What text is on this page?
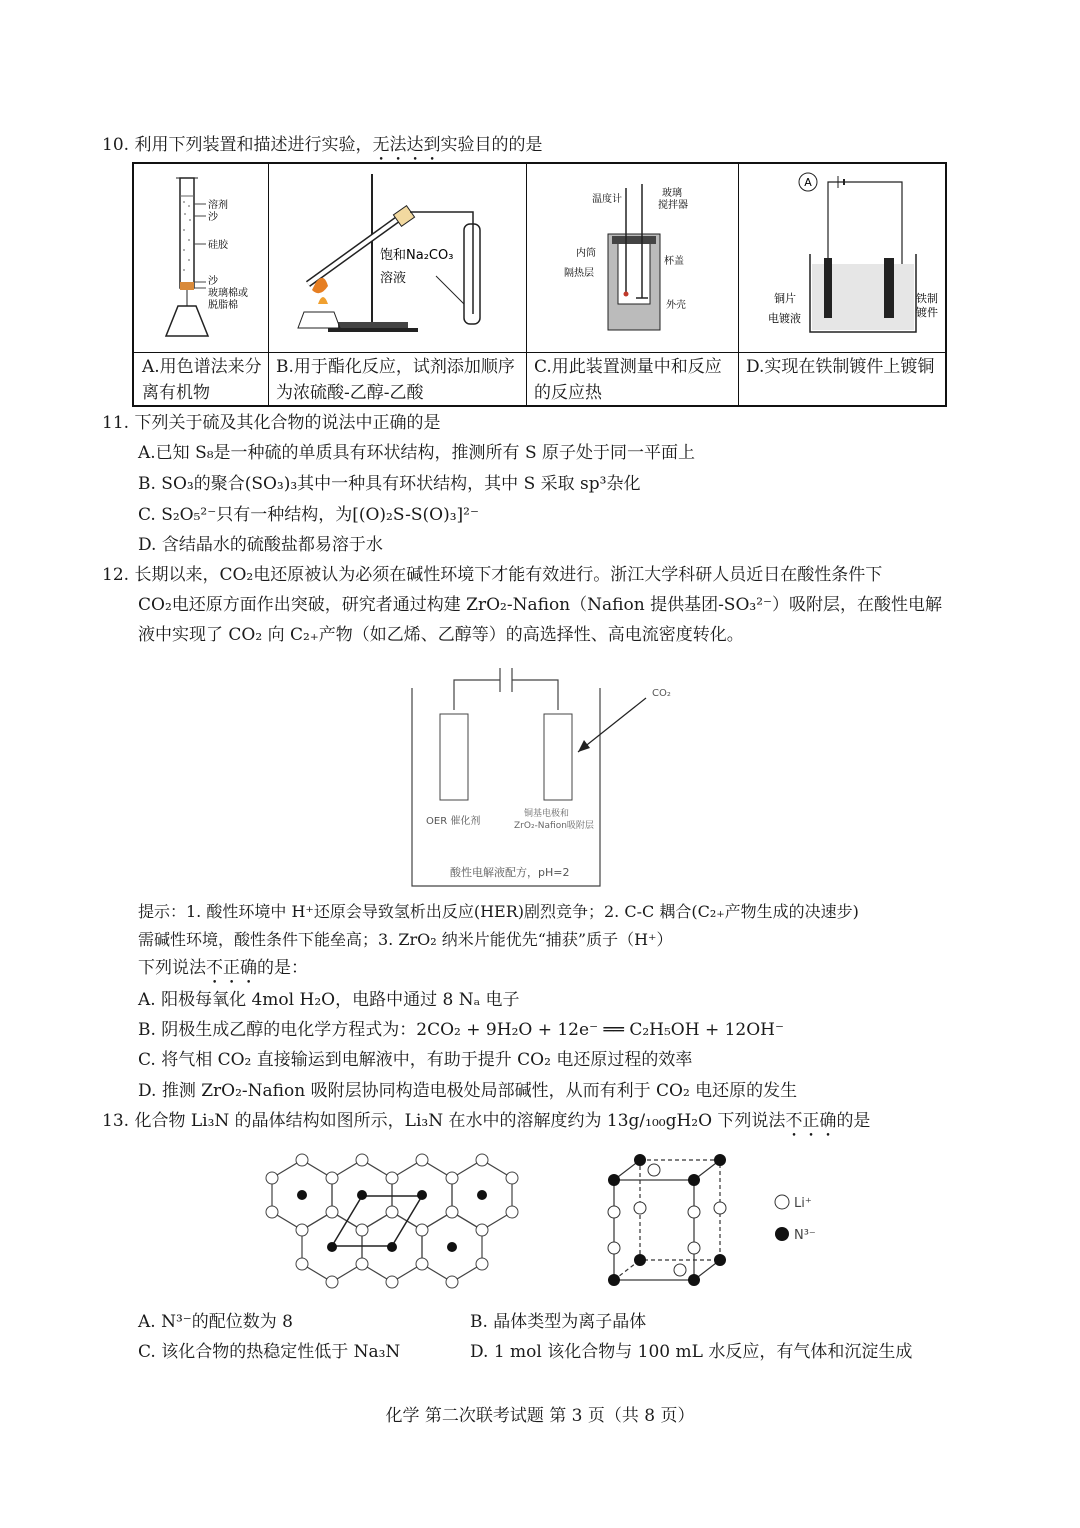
10. 利用下列装置和描述进行实验，无法达到实验目的的是
溶剂
沙
硅胶
沙
玻璃棉或
脱脂棉
饱和Na₂CO₃
溶液
温度计
玻璃
搅拌器
内筒
杯盖
隔热层
外壳
A
铜片
电镀液
铁制
镀件
A.用色谱法来分离有机物
B.用于酯化反应，试剂添加顺序为浓硫酸-乙醇-乙酸
C.用此装置测量中和反应的反应热
D.实现在铁制镀件上镀铜
11. 下列关于硫及其化合物的说法中正确的是
A.已知 S₈是一种硫的单质具有环状结构，推测所有 S 原子处于同一平面上
B. SO₃的聚合(SO₃)₃其中一种具有环状结构，其中 S 采取 sp³杂化
C. S₂O₅²⁻只有一种结构，为[(O)₂S-S(O)₃]²⁻
D. 含结晶水的硫酸盐都易溶于水
12. 长期以来，CO₂电还原被认为必须在碱性环境下才能有效进行。浙江大学科研人员近日在酸性条件下
CO₂电还原方面作出突破，研究者通过构建 ZrO₂-Nafion（Nafion 提供基团-SO₃²⁻）吸附层，在酸性电解
液中实现了 CO₂ 向 C₂₊产物（如乙烯、乙醇等）的高选择性、高电流密度转化。
CO₂
OER 催化剂
铜基电极和
ZrO₂-Nafion吸附层
酸性电解液配方，pH=2
提示：1. 酸性环境中 H⁺还原会导致氢析出反应(HER)剧烈竞争；2. C-C 耦合(C₂₊产物生成的决速步)
需碱性环境，酸性条件下能垒高；3. ZrO₂ 纳米片能优先“捕获”质子（H⁺）
下列说法不正确的是：
A. 阳极每氧化 4mol H₂O，电路中通过 8 Nₐ 电子
B. 阴极生成乙醇的电化学方程式为：2CO₂ + 9H₂O + 12e⁻ ══ C₂H₅OH + 12OH⁻
C. 将气相 CO₂ 直接输运到电解液中，有助于提升 CO₂ 电还原过程的效率
D. 推测 ZrO₂-Nafion 吸附层协同构造电极处局部碱性，从而有利于 CO₂ 电还原的发生
13. 化合物 Li₃N 的晶体结构如图所示，Li₃N 在水中的溶解度约为 13g/₁₀₀gH₂O 下列说法不正确的是
Li⁺
N³⁻
A. N³⁻的配位数为 8	B. 晶体类型为离子晶体
C. 该化合物的热稳定性低于 Na₃N	D. 1 mol 该化合物与 100 mL 水反应，有气体和沉淀生成
化学 第二次联考试题 第 3 页（共 8 页）
